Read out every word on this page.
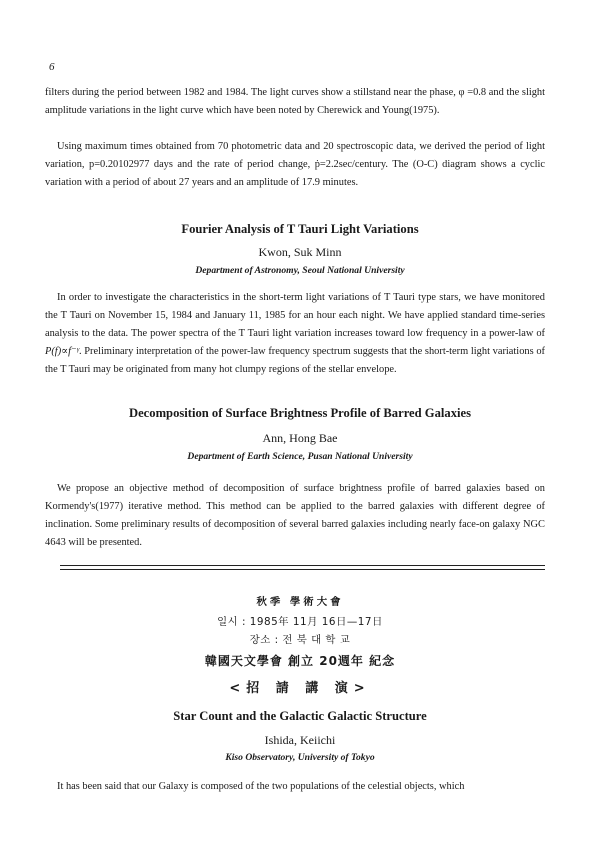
6

filters during the period between 1982 and 1984. The light curves show a stillstand near the phase, φ =0.8 and the slight amplitude variations in the light curve which have been noted by Cherewick and Young(1975).

Using maximum times obtained from 70 photometric data and 20 spectroscopic data, we derived the period of light variation, p=0.20102977 days and the rate of period change, ṗ=2.2sec/century. The (O-C) diagram shows a cyclic variation with a period of about 27 years and an amplitude of 17.9 minutes.

Fourier Analysis of T Tauri Light Variations

Kwon, Suk Minn

Department of Astronomy, Seoul National University

In order to investigate the characteristics in the short-term light variations of T Tauri type stars, we have monitored the T Tauri on November 15, 1984 and January 11, 1985 for an hour each night. We have applied standard time-series analysis to the data. The power spectra of the T Tauri light variation increases toward low frequency in a power-law of P(f)∝f⁻ᵞ. Preliminary interpretation of the power-law frequency spectrum suggests that the short-term light variations of the T Tauri may be originated from many hot clumpy regions of the stellar envelope.

Decomposition of Surface Brightness Profile of Barred Galaxies

Ann, Hong Bae

Department of Earth Science, Pusan National University

We propose an objective method of decomposition of surface brightness profile of barred galaxies based on Kormendy's(1977) iterative method. This method can be applied to the barred galaxies with different degree of inclination. Some preliminary results of decomposition of several barred galaxies including nearly face-on galaxy NGC 4643 will be presented.

秋季 學術大會

일시 : 1985年 11月 16日—17日

장소 : 전 북 대 학 교

韓國天文學會 創立 20週年 紀念

<招 請 講 演>

Star Count and the Galactic Galactic Structure

Ishida, Keiichi

Kiso Observatory, University of Tokyo

It has been said that our Galaxy is composed of the two populations of the celestial objects, which
